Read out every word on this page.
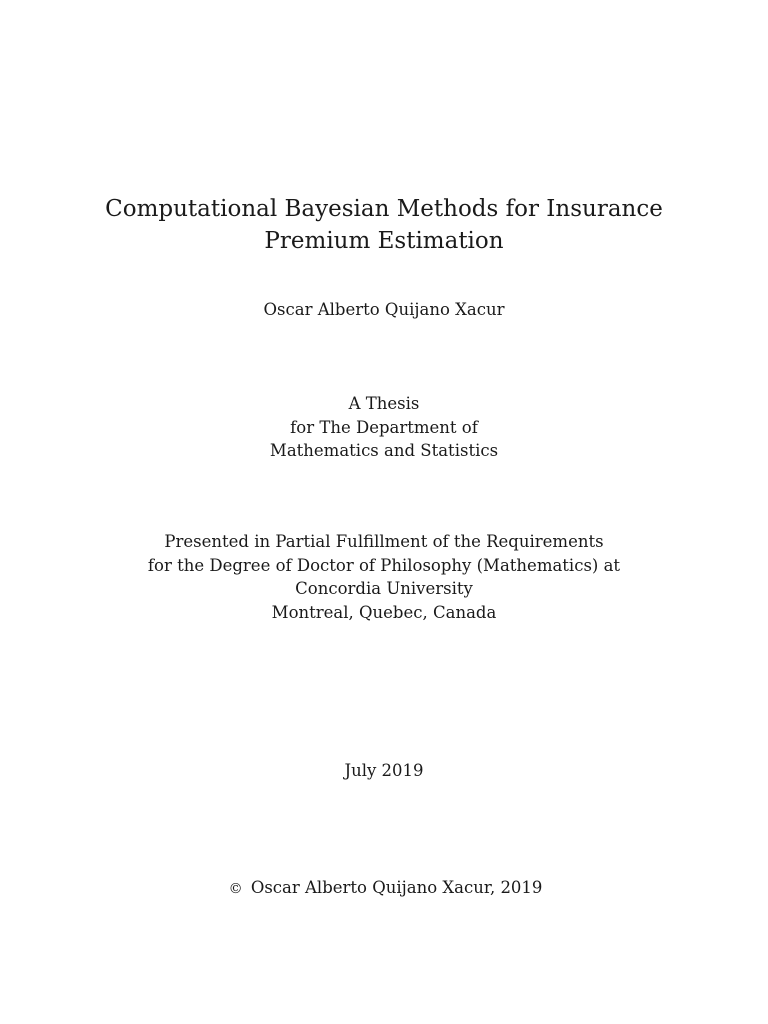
Computational Bayesian Methods for Insurance
Premium Estimation
Oscar Alberto Quijano Xacur
A Thesis
for The Department of
Mathematics and Statistics
Presented in Partial Fulfillment of the Requirements
for the Degree of Doctor of Philosophy (Mathematics) at
Concordia University
Montreal, Quebec, Canada
July 2019
© Oscar Alberto Quijano Xacur, 2019
